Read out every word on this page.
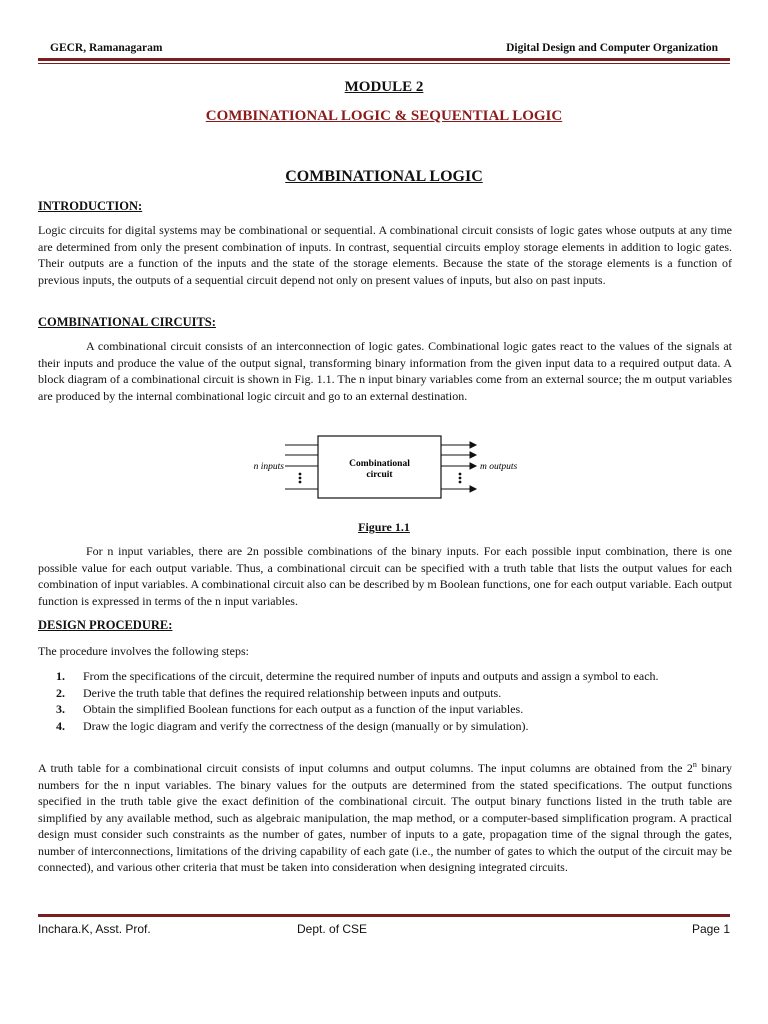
GECR, Ramanagaram	Digital Design and Computer Organization
MODULE 2
COMBINATIONAL LOGIC & SEQUENTIAL LOGIC
COMBINATIONAL LOGIC
INTRODUCTION:

Logic circuits for digital systems may be combinational or sequential. A combinational circuit consists of logic gates whose outputs at any time are determined from only the present combination of inputs. In contrast, sequential circuits employ storage elements in addition to logic gates. Their outputs are a function of the inputs and the state of the storage elements. Because the state of the storage elements is a function of previous inputs, the outputs of a sequential circuit depend not only on present values of inputs, but also on past inputs.

COMBINATIONAL CIRCUITS:

A combinational circuit consists of an interconnection of logic gates. Combinational logic gates react to the values of the signals at their inputs and produce the value of the output signal, transforming binary information from the given input data to a required output data. A block diagram of a combinational circuit is shown in Fig. 1.1. The n input binary variables come from an external source; the m output variables are produced by the internal combinational logic circuit and go to an external destination.

Combinational
circuit
n inputs	m outputs
Figure 1.1

For n input variables, there are 2n possible combinations of the binary inputs. For each possible input combination, there is one possible value for each output variable. Thus, a combinational circuit can be specified with a truth table that lists the output values for each combination of input variables. A combinational circuit also can be described by m Boolean functions, one for each output variable. Each output function is expressed in terms of the n input variables.

DESIGN PROCEDURE:

The procedure involves the following steps:

1. From the specifications of the circuit, determine the required number of inputs and outputs and assign a symbol to each.
2. Derive the truth table that defines the required relationship between inputs and outputs.
3. Obtain the simplified Boolean functions for each output as a function of the input variables.
4. Draw the logic diagram and verify the correctness of the design (manually or by simulation).

A truth table for a combinational circuit consists of input columns and output columns. The input columns are obtained from the 2$^n$ binary numbers for the n input variables. The binary values for the outputs are determined from the stated specifications. The output functions specified in the truth table give the exact definition of the combinational circuit. The output binary functions listed in the truth table are simplified by any available method, such as algebraic manipulation, the map method, or a computer-based simplification program. A practical design must consider such constraints as the number of gates, number of inputs to a gate, propagation time of the signal through the gates, number of interconnections, limitations of the driving capability of each gate (i.e., the number of gates to which the output of the circuit may be connected), and various other criteria that must be taken into consideration when designing integrated circuits.

Inchara.K, Asst. Prof.	Dept. of CSE	Page 1
